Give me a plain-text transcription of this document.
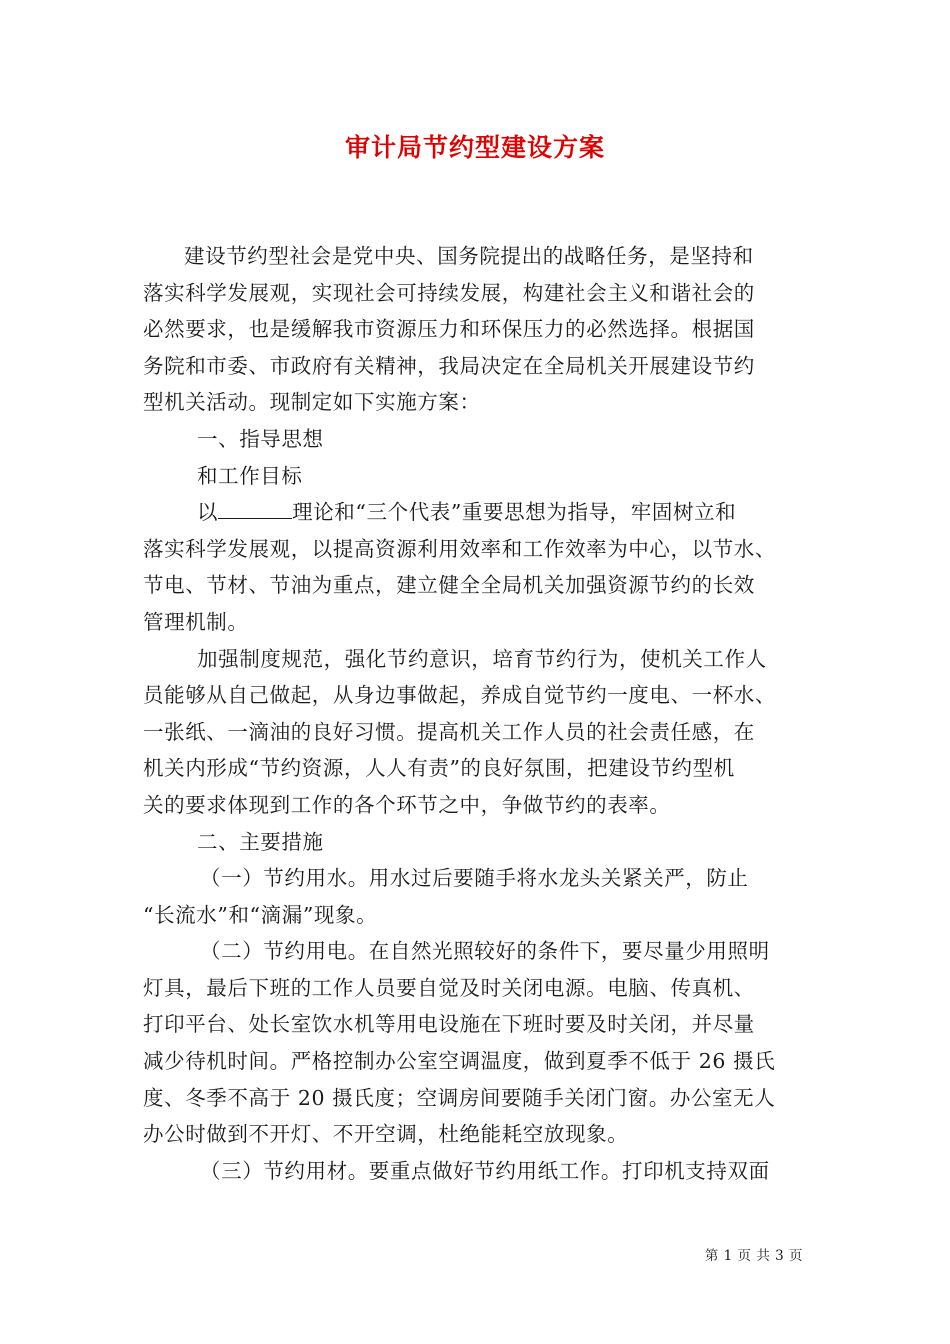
审计局节约型建设方案
建设节约型社会是党中央、国务院提出的战略任务，是坚持和
落实科学发展观，实现社会可持续发展，构建社会主义和谐社会的
必然要求，也是缓解我市资源压力和环保压力的必然选择。根据国
务院和市委、市政府有关精神，我局决定在全局机关开展建设节约
型机关活动。现制定如下实施方案：
一、指导思想
和工作目标
以	理论和“三个代表”重要思想为指导，牢固树立和
落实科学发展观，以提高资源利用效率和工作效率为中心，以节水、
节电、节材、节油为重点，建立健全全局机关加强资源节约的长效
管理机制。
加强制度规范，强化节约意识，培育节约行为，使机关工作人
员能够从自己做起，从身边事做起，养成自觉节约一度电、一杯水、
一张纸、一滴油的良好习惯。提高机关工作人员的社会责任感，在
机关内形成“节约资源，人人有责”的良好氛围，把建设节约型机
关的要求体现到工作的各个环节之中，争做节约的表率。
二、主要措施
（一）节约用水。用水过后要随手将水龙头关紧关严，防止
“长流水”和“滴漏”现象。
（二）节约用电。在自然光照较好的条件下，要尽量少用照明
灯具，最后下班的工作人员要自觉及时关闭电源。电脑、传真机、
打印平台、处长室饮水机等用电设施在下班时要及时关闭，并尽量
减少待机时间。严格控制办公室空调温度，做到夏季不低于 26 摄氏
度、冬季不高于 20 摄氏度；空调房间要随手关闭门窗。办公室无人
办公时做到不开灯、不开空调，杜绝能耗空放现象。
（三）节约用材。要重点做好节约用纸工作。打印机支持双面
第 1 页 共 3 页
